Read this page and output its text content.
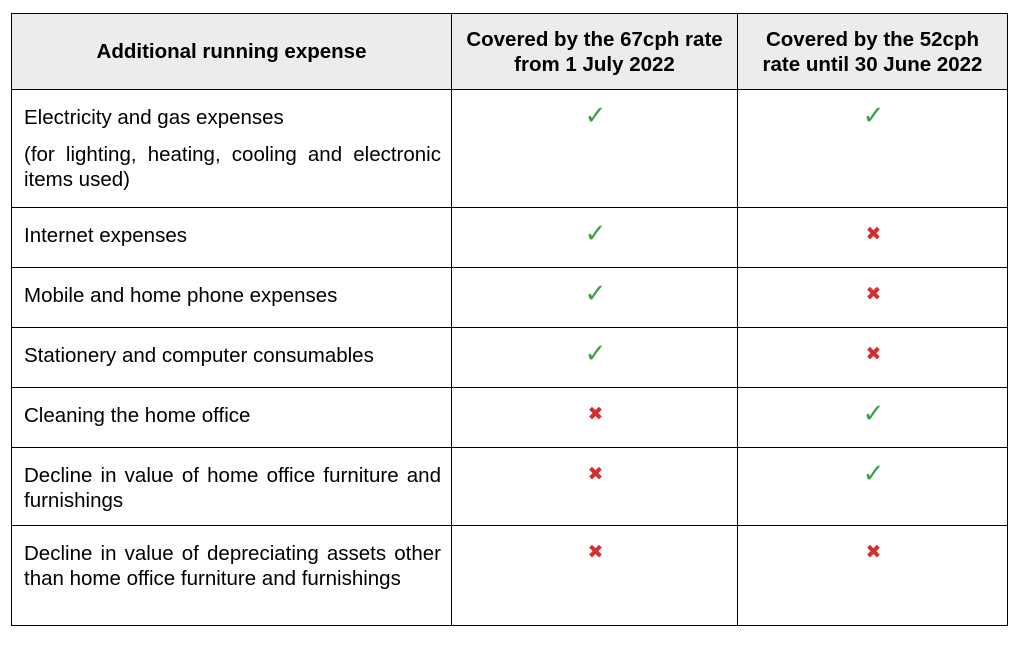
Additional running expense	Covered by the 67cph rate from 1 July 2022	Covered by the 52cph rate until 30 June 2022
Electricity and gas expenses
(for lighting, heating, cooling and electronic items used)	✓	✓
Internet expenses	✓	✖
Mobile and home phone expenses	✓	✖
Stationery and computer consumables	✓	✖
Cleaning the home office	✖	✓
Decline in value of home office furniture and furnishings	✖	✓
Decline in value of depreciating assets other than home office furniture and furnishings	✖	✖
